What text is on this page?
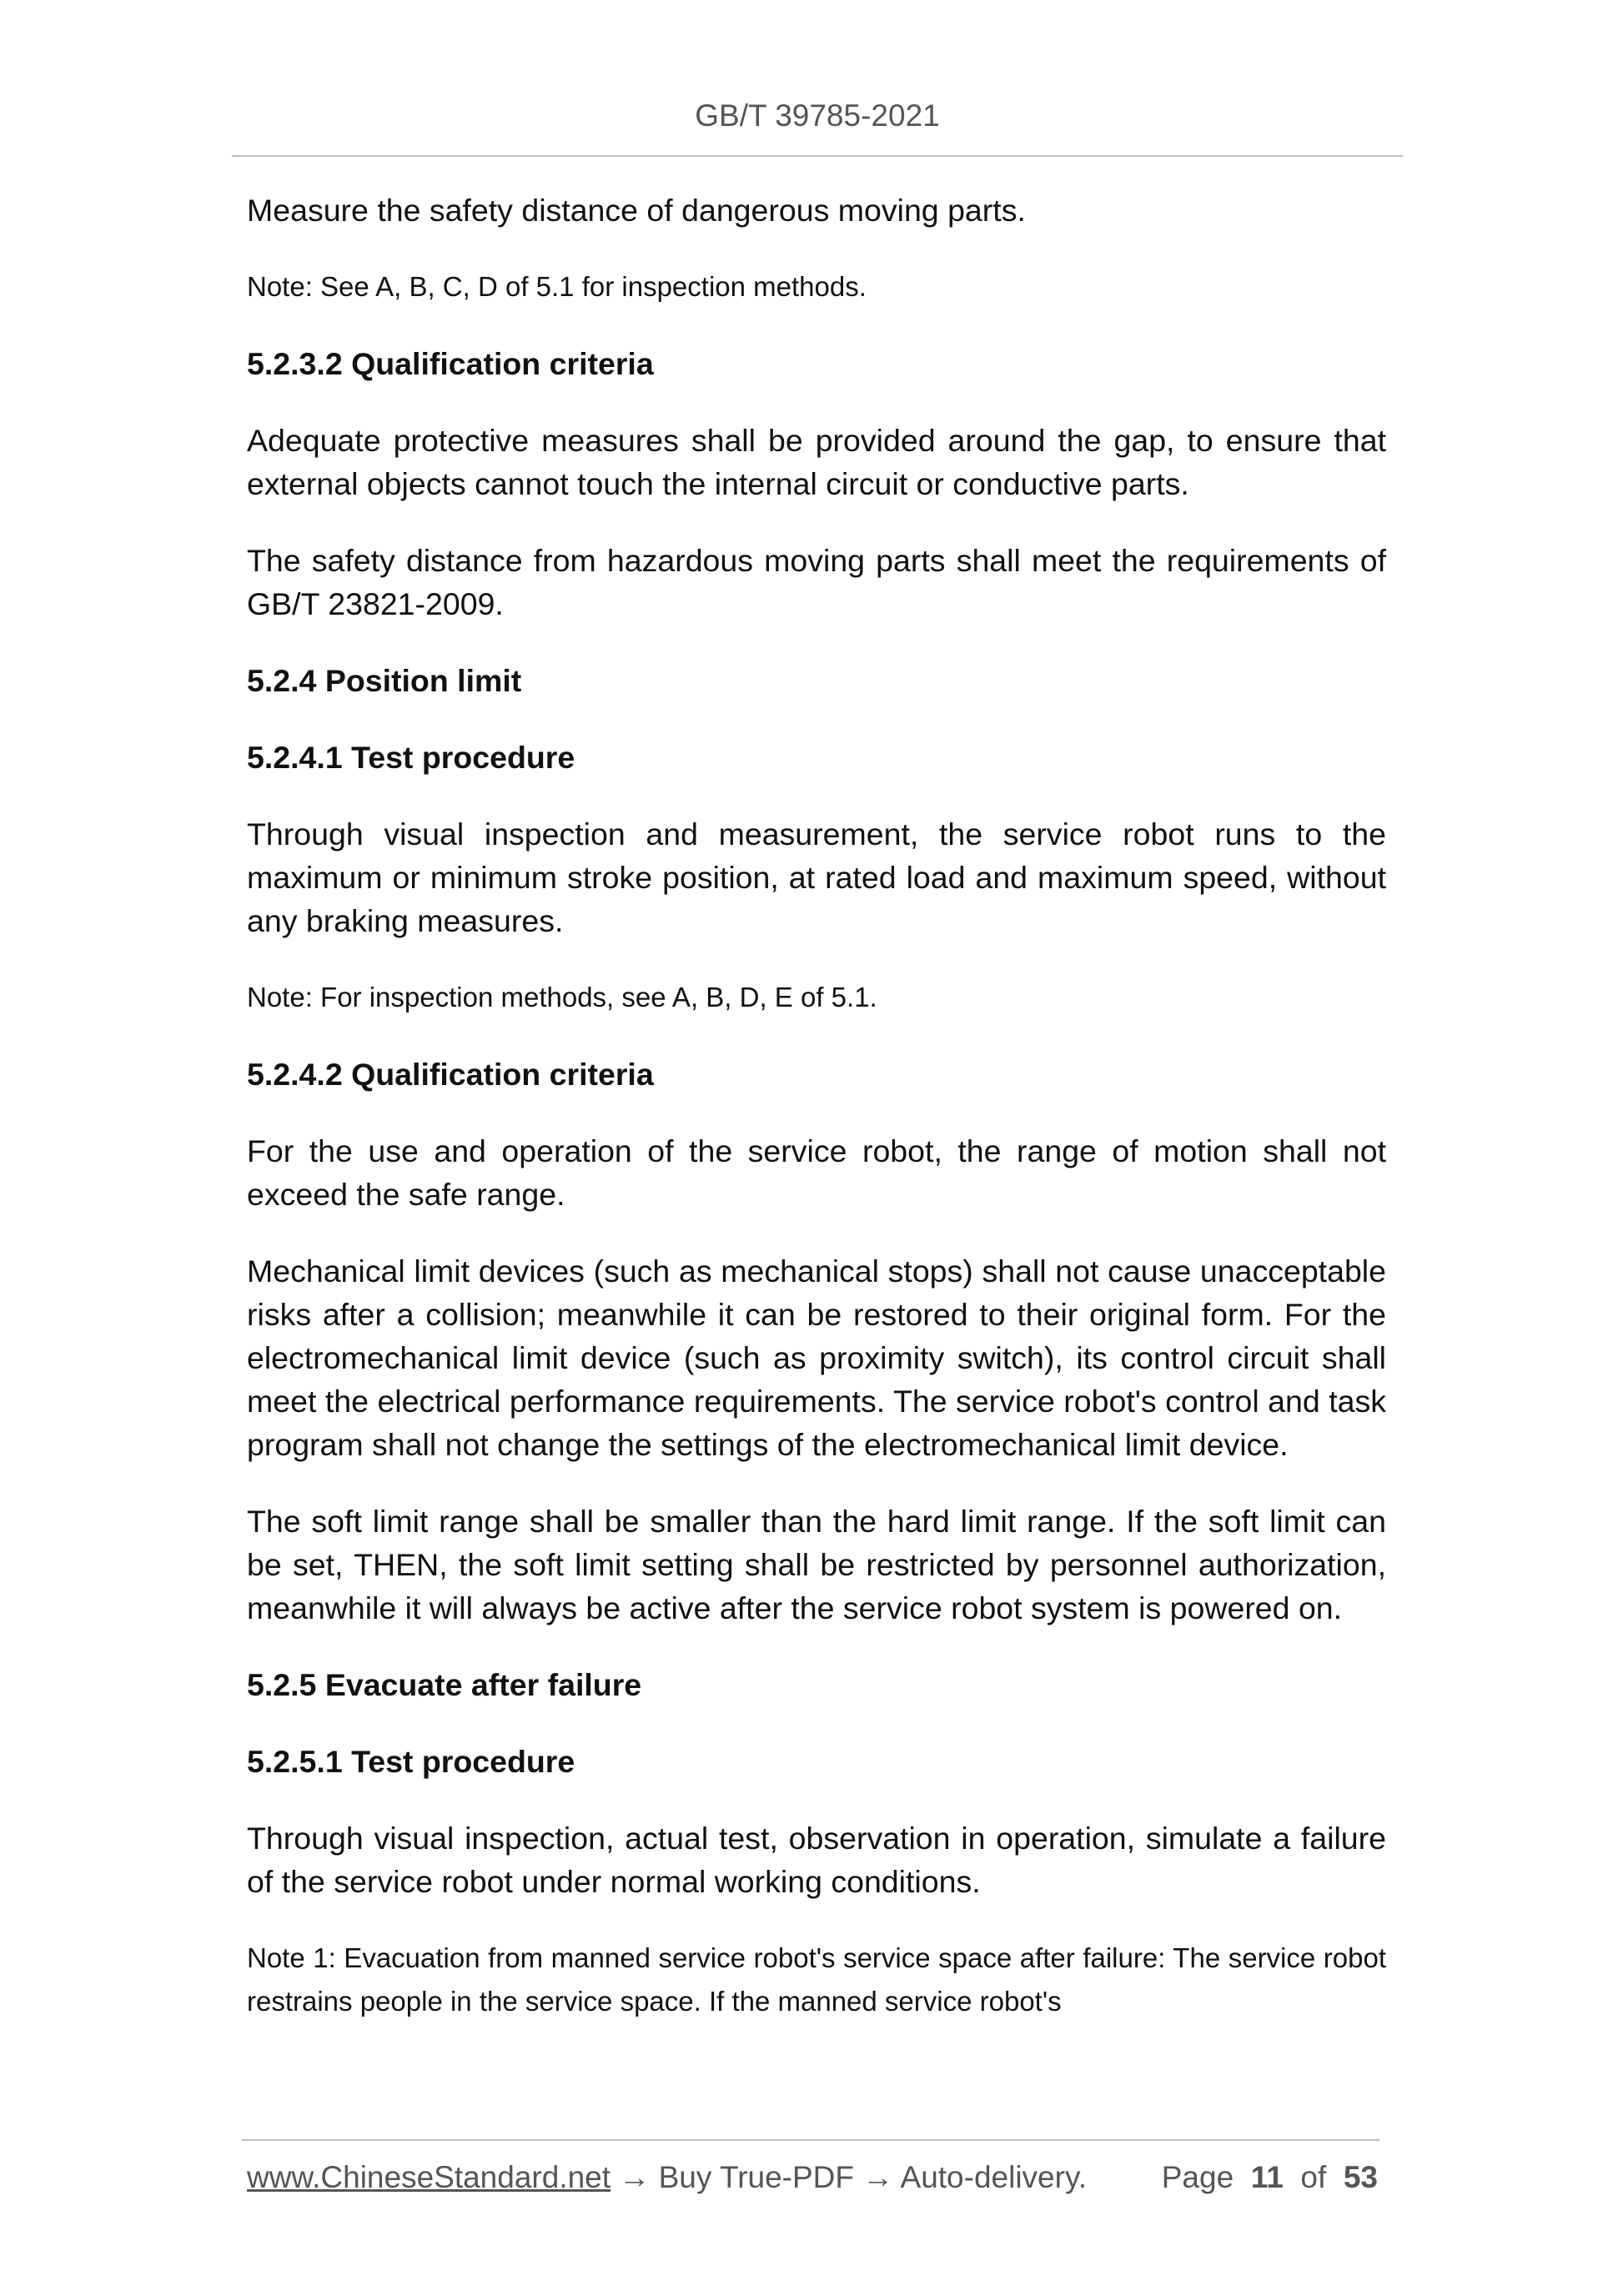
GB/T 39785-2021

Measure the safety distance of dangerous moving parts.

Note: See A, B, C, D of 5.1 for inspection methods.

5.2.3.2 Qualification criteria

Adequate protective measures shall be provided around the gap, to ensure that external objects cannot touch the internal circuit or conductive parts.

The safety distance from hazardous moving parts shall meet the requirements of GB/T 23821-2009.

5.2.4 Position limit

5.2.4.1 Test procedure

Through visual inspection and measurement, the service robot runs to the maximum or minimum stroke position, at rated load and maximum speed, without any braking measures.

Note: For inspection methods, see A, B, D, E of 5.1.

5.2.4.2 Qualification criteria

For the use and operation of the service robot, the range of motion shall not exceed the safe range.

Mechanical limit devices (such as mechanical stops) shall not cause unacceptable risks after a collision; meanwhile it can be restored to their original form. For the electromechanical limit device (such as proximity switch), its control circuit shall meet the electrical performance requirements. The service robot's control and task program shall not change the settings of the electromechanical limit device.

The soft limit range shall be smaller than the hard limit range. If the soft limit can be set, THEN, the soft limit setting shall be restricted by personnel authorization, meanwhile it will always be active after the service robot system is powered on.

5.2.5 Evacuate after failure

5.2.5.1 Test procedure

Through visual inspection, actual test, observation in operation, simulate a failure of the service robot under normal working conditions.

Note 1: Evacuation from manned service robot's service space after failure: The service robot restrains people in the service space. If the manned service robot's

www.ChineseStandard.net → Buy True-PDF → Auto-delivery. Page 11 of 53
